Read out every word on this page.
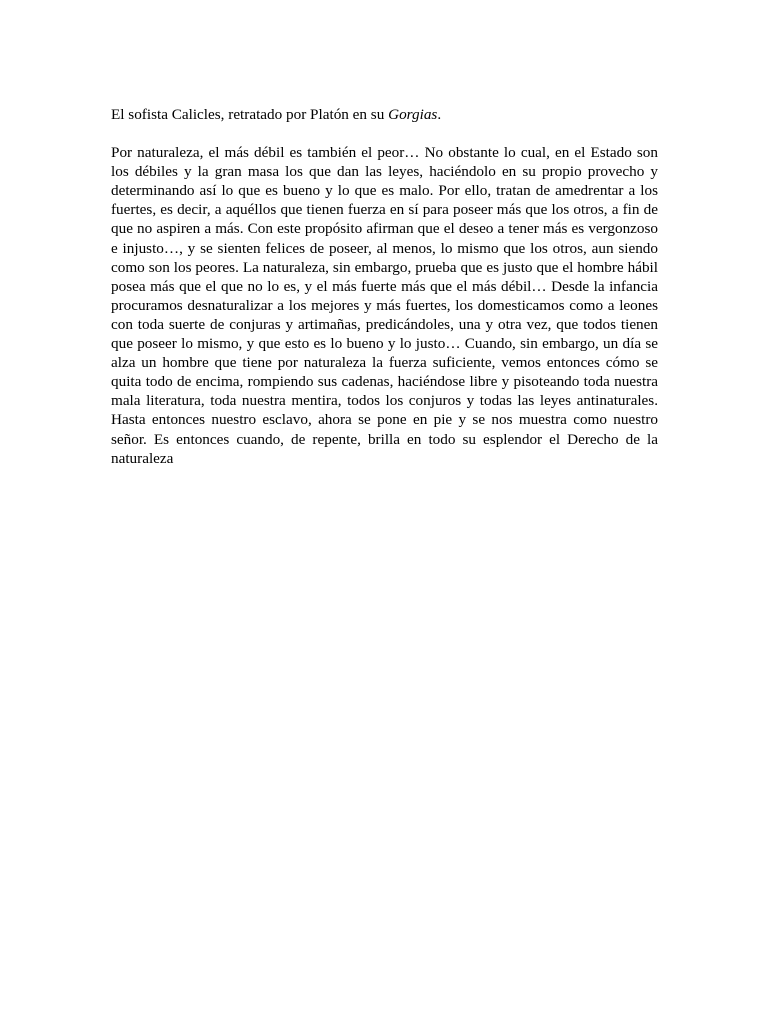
El sofista Calicles, retratado por Platón en su Gorgias.

Por naturaleza, el más débil es también el peor… No obstante lo cual, en el Estado son los débiles y la gran masa los que dan las leyes, haciéndolo en su propio provecho y determinando así lo que es bueno y lo que es malo. Por ello, tratan de amedrentar a los fuertes, es decir, a aquéllos que tienen fuerza en sí para poseer más que los otros, a fin de que no aspiren a más. Con este propósito afirman que el deseo a tener más es vergonzoso e injusto…, y se sienten felices de poseer, al menos, lo mismo que los otros, aun siendo como son los peores. La naturaleza, sin embargo, prueba que es justo que el hombre hábil posea más que el que no lo es, y el más fuerte más que el más débil… Desde la infancia procuramos desnaturalizar a los mejores y más fuertes, los domesticamos como a leones con toda suerte de conjuras y artimañas, predicándoles, una y otra vez, que todos tienen que poseer lo mismo, y que esto es lo bueno y lo justo… Cuando, sin embargo, un día se alza un hombre que tiene por naturaleza la fuerza suficiente, vemos entonces cómo se quita todo de encima, rompiendo sus cadenas, haciéndose libre y pisoteando toda nuestra mala literatura, toda nuestra mentira, todos los conjuros y todas las leyes antinaturales. Hasta entonces nuestro esclavo, ahora se pone en pie y se nos muestra como nuestro señor. Es entonces cuando, de repente, brilla en todo su esplendor el Derecho de la naturaleza
